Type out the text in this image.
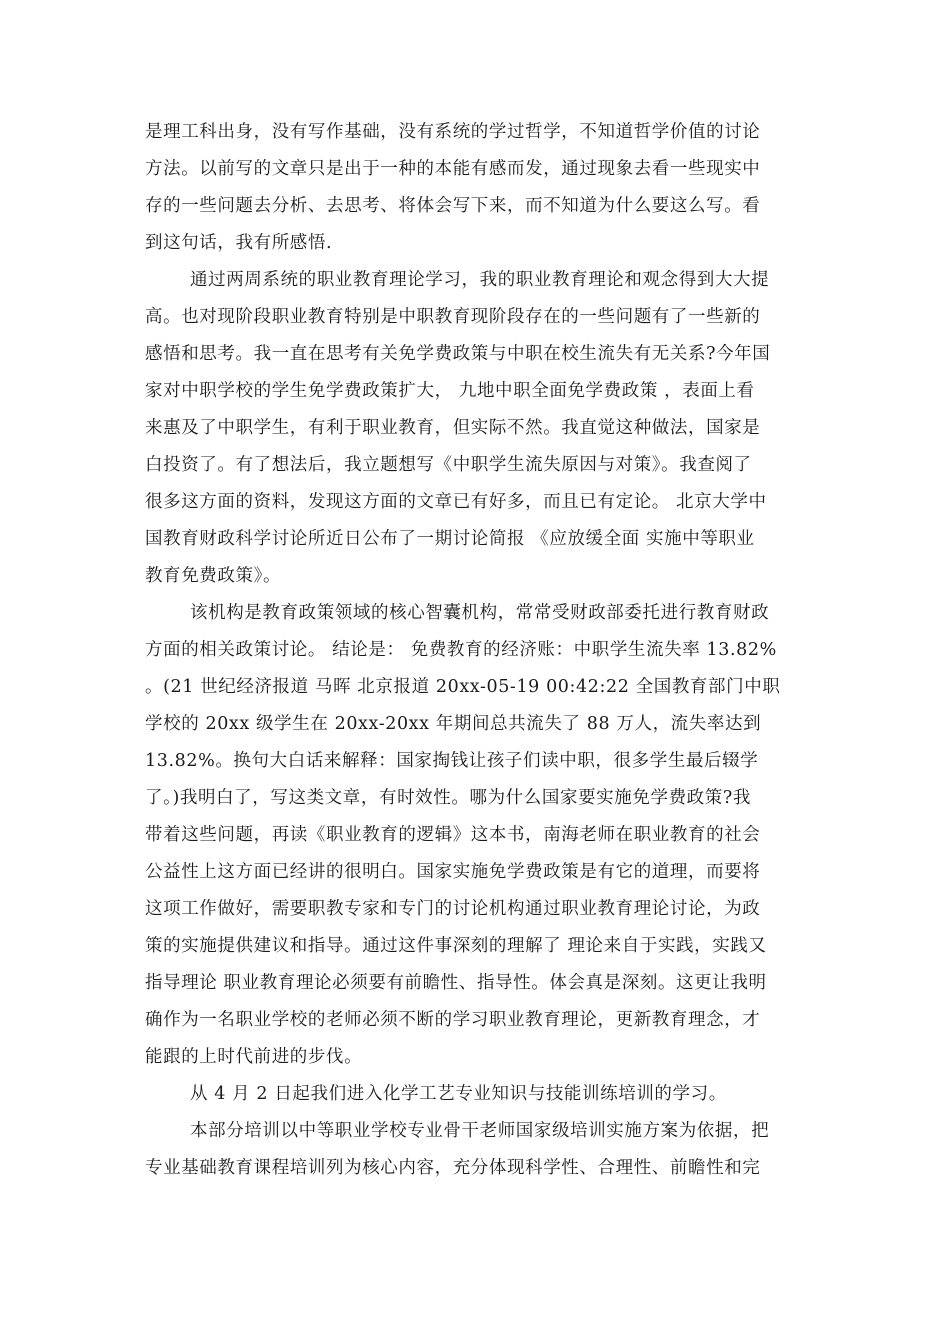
是理工科出身，没有写作基础，没有系统的学过哲学，不知道哲学价值的讨论
方法。以前写的文章只是出于一种的本能有感而发，通过现象去看一些现实中
存的一些问题去分析、去思考、将体会写下来，而不知道为什么要这么写。看
到这句话，我有所感悟.
通过两周系统的职业教育理论学习，我的职业教育理论和观念得到大大提
高。也对现阶段职业教育特别是中职教育现阶段存在的一些问题有了一些新的
感悟和思考。我一直在思考有关免学费政策与中职在校生流失有无关系?今年国
家对中职学校的学生免学费政策扩大， 九地中职全面免学费政策 ，表面上看
来惠及了中职学生，有利于职业教育，但实际不然。我直觉这种做法，国家是
白投资了。有了想法后，我立题想写《中职学生流失原因与对策》。我查阅了
很多这方面的资料，发现这方面的文章已有好多，而且已有定论。 北京大学中
国教育财政科学讨论所近日公布了一期讨论简报 《应放缓全面 实施中等职业
教育免费政策》。
该机构是教育政策领域的核心智囊机构，常常受财政部委托进行教育财政
方面的相关政策讨论。 结论是： 免费教育的经济账：中职学生流失率 13.82%
。(21 世纪经济报道 马晖 北京报道 20xx-05-19 00:42:22 全国教育部门中职
学校的 20xx 级学生在 20xx-20xx 年期间总共流失了 88 万人，流失率达到
13.82%。换句大白话来解释：国家掏钱让孩子们读中职，很多学生最后辍学
了。)我明白了，写这类文章，有时效性。哪为什么国家要实施免学费政策?我
带着这些问题，再读《职业教育的逻辑》这本书，南海老师在职业教育的社会
公益性上这方面已经讲的很明白。国家实施免学费政策是有它的道理，而要将
这项工作做好，需要职教专家和专门的讨论机构通过职业教育理论讨论，为政
策的实施提供建议和指导。通过这件事深刻的理解了 理论来自于实践，实践又
指导理论 职业教育理论必须要有前瞻性、指导性。体会真是深刻。这更让我明
确作为一名职业学校的老师必须不断的学习职业教育理论，更新教育理念，才
能跟的上时代前进的步伐。
从 4 月 2 日起我们进入化学工艺专业知识与技能训练培训的学习。
本部分培训以中等职业学校专业骨干老师国家级培训实施方案为依据，把
专业基础教育课程培训列为核心内容，充分体现科学性、合理性、前瞻性和完
